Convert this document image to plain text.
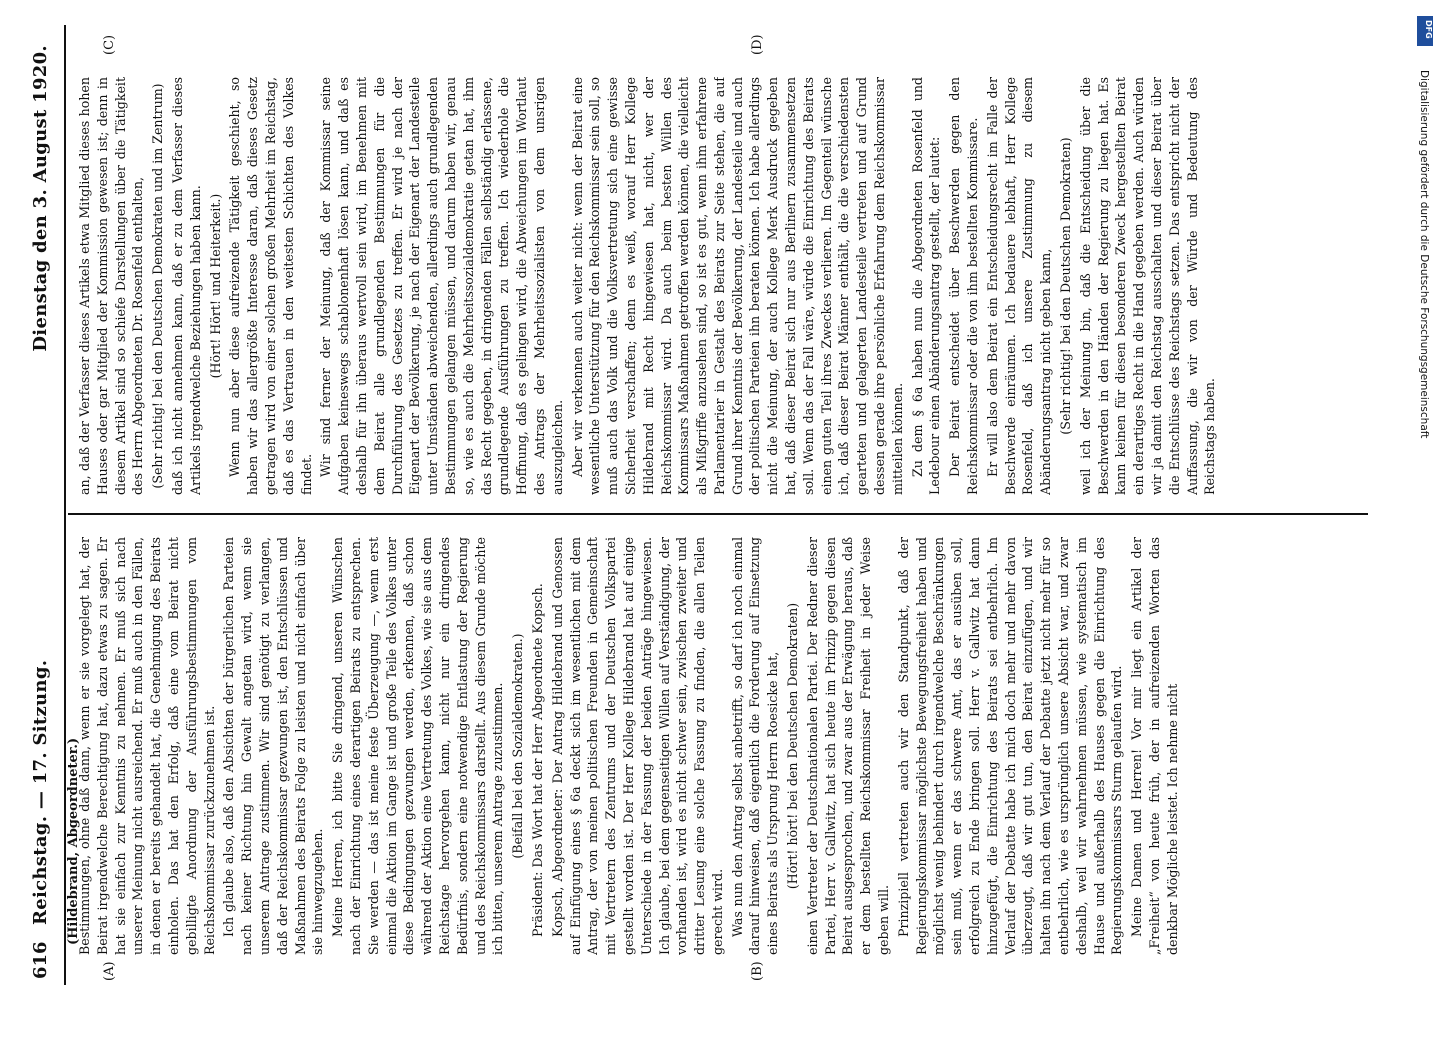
616
Reichstag. — 17. Sitzung.
Dienstag den 3. August 1920.
(Hildebrand, Abgeordneter.)
(A)	(B)
(C)	(D)

Bestimmungen, ohne daß dann, wenn er sie vorgelegt hat, der Beirat irgendwelche Berechtigung hat, dazu etwas zu sagen. Er hat sie einfach zur Kenntnis zu nehmen. Er muß sich nach unserer Meinung nicht ausreichend. Er muß auch in den Fällen, in denen er bereits gehandelt hat, die Genehmigung des Beirats einholen. Das hat den Erfolg, daß eine vom Beirat nicht gebilligte Anordnung der Ausführungsbestimmungen vom Reichskommissar zurückzunehmen ist. Ich glaube also, daß den Absichten der bürgerlichen Parteien nach keiner Richtung hin Gewalt angetan wird, wenn sie unserem Antrage zustimmen. Wir sind genötigt zu verlangen, daß der Reichskommissar gezwungen ist, den Entschlüssen und Maßnahmen des Beirats Folge zu leisten und nicht einfach über sie hinwegzugehen. Meine Herren, ich bitte Sie dringend, unseren Wünschen nach der Einrichtung eines derartigen Beirats zu entsprechen. Sie werden — das ist meine feste Überzeugung —, wenn erst einmal die Aktion im Gange ist und große Teile des Volkes unter diese Bedingungen gezwungen werden, erkennen, daß schon während der Aktion eine Vertretung des Volkes, wie sie aus dem Reichstage hervorgehen kann, nicht nur ein dringendes Bedürfnis, sondern eine notwendige Entlastung der Regierung und des Reichskommissars darstellt. Aus diesem Grunde möchte ich bitten, unserem Antrage zuzustimmen. (Beifall bei den Sozialdemokraten.) Präsident: Das Wort hat der Herr Abgeordnete Kopsch. Kopsch, Abgeordneter: Der Antrag Hildebrand und Genossen auf Einfügung eines § 6a deckt sich im wesentlichen mit dem Antrag, der von meinen politischen Freunden in Gemeinschaft mit Vertretern des Zentrums und der Deutschen Volkspartei gestellt worden ist. Der Herr Kollege Hildebrand hat auf einige Unterschiede in der Fassung der beiden Anträge hingewiesen. Ich glaube, bei dem gegenseitigen Willen auf Verständigung, der vorhanden ist, wird es nicht schwer sein, zwischen zweiter und dritter Lesung eine solche Fassung zu finden, die allen Teilen gerecht wird. Was nun den Antrag selbst anbetrifft, so darf ich noch einmal darauf hinweisen, daß eigentlich die Forderung auf Einsetzung eines Beirats als Ursprung Herrn Roesicke hat, (Hört! hört! bei den Deutschen Demokraten) einen Vertreter der Deutschnationalen Partei. Der Redner dieser Partei, Herr v. Gallwitz, hat sich heute im Prinzip gegen diesen Beirat ausgesprochen, und zwar aus der Erwägung heraus, daß er dem bestellten Reichskommissar Freiheit in jeder Weise geben will. Prinzipiell vertreten auch wir den Standpunkt, daß der Regierungskommissar möglichste Bewegungsfreiheit haben und möglichst wenig behindert durch irgendwelche Beschränkungen sein muß, wenn er das schwere Amt, das er ausüben soll, erfolgreich zu Ende bringen soll. Herr v. Gallwitz hat dann hinzugefügt, die Einrichtung des Beirats sei entbehrlich. Im Verlauf der Debatte habe ich mich doch mehr und mehr davon überzeugt, daß wir gut tun, den Beirat einzufügen, und wir halten ihn nach dem Verlauf der Debatte jetzt nicht mehr für so entbehrlich, wie es ursprünglich unsere Absicht war, und zwar deshalb, weil wir wahrnehmen müssen, wie systematisch im Hause und außerhalb des Hauses gegen die Einrichtung des Regierungskommissars Sturm gelaufen wird. Meine Damen und Herren! Vor mir liegt ein Artikel der „Freiheit“ von heute früh, der in aufreizenden Worten das denkbar Mögliche leistet. Ich nehme nicht

an, daß der Verfasser dieses Artikels etwa Mitglied dieses hohen Hauses oder gar Mitglied der Kommission gewesen ist; denn in diesem Artikel sind so schiefe Darstellungen über die Tätigkeit des Herrn Abgeordneten Dr. Rosenfeld enthalten, (Sehr richtig! bei den Deutschen Demokraten und im Zentrum) daß ich nicht annehmen kann, daß er zu dem Verfasser dieses Artikels irgendwelche Beziehungen haben kann. (Hört! Hört! und Heiterkeit.) Wenn nun aber diese aufreizende Tätigkeit geschieht, so haben wir das allergrößte Interesse daran, daß dieses Gesetz getragen wird von einer solchen großen Mehrheit im Reichstag, daß es das Vertrauen in den weitesten Schichten des Volkes findet. Wir sind ferner der Meinung, daß der Kommissar seine Aufgaben keineswegs schablonenhaft lösen kann, und daß es deshalb für ihn überaus wertvoll sein wird, im Benehmen mit dem Beirat alle grundlegenden Bestimmungen für die Durchführung des Gesetzes zu treffen. Er wird je nach der Eigenart der Bevölkerung, je nach der Eigenart der Landesteile unter Umständen abweichenden, allerdings auch grundlegenden Bestimmungen gelangen müssen, und darum haben wir, genau so, wie es auch die Mehrheitssozialdemokratie getan hat, ihm das Recht gegeben, in dringenden Fällen selbständig erlassene, grundlegende Ausführungen zu treffen. Ich wiederhole die Hoffnung, daß es gelingen wird, die Abweichungen im Wortlaut des Antrags der Mehrheitssozialisten von dem unsrigen auszugleichen. Aber wir verkennen auch weiter nicht: wenn der Beirat eine wesentliche Unterstützung für den Reichskommissar sein soll, so muß auch das Volk und die Volksvertretung sich eine gewisse Sicherheit verschaffen; denn es weiß, worauf Herr Kollege Hildebrand mit Recht hingewiesen hat, nicht, wer der Reichskommissar wird. Da auch beim besten Willen des Kommissars Maßnahmen getroffen werden können, die vielleicht als Mißgriffe anzusehen sind, so ist es gut, wenn ihm erfahrene Parlamentarier in Gestalt des Beirats zur Seite stehen, die auf Grund ihrer Kenntnis der Bevölkerung, der Landesteile und auch der politischen Parteien ihn beraten können. Ich habe allerdings nicht die Meinung, der auch Kollege Merk Ausdruck gegeben hat, daß dieser Beirat sich nur aus Berlinern zusammensetzen soll. Wenn das der Fall wäre, würde die Einrichtung des Beirats einen guten Teil ihres Zweckes verlieren. Im Gegenteil wünsche ich, daß dieser Beirat Männer enthält, die die verschiedensten gearteten und gelagerten Landesteile vertreten und auf Grund dessen gerade ihre persönliche Erfahrung dem Reichskommissar mitteilen können. Zu dem § 6a haben nun die Abgeordneten Rosenfeld und Ledebour einen Abänderungsantrag gestellt, der lautet: Der Beirat entscheidet über Beschwerden gegen den Reichskommissar oder die von ihm bestellten Kommissare. Er will also dem Beirat ein Entscheidungsrecht im Falle der Beschwerde einräumen. Ich bedauere lebhaft, Herr Kollege Rosenfeld, daß ich unsere Zustimmung zu diesem Abänderungsantrag nicht geben kann, (Sehr richtig! bei den Deutschen Demokraten) weil ich der Meinung bin, daß die Entscheidung über die Beschwerden in den Händen der Regierung zu liegen hat. Es kann keinen für diesen besonderen Zweck hergestellten Beirat ein derartiges Recht in die Hand gegeben werden. Auch würden wir ja damit den Reichstag ausschalten und dieser Beirat über die Entschlüsse des Reichstags setzen. Das entspricht nicht der Auffassung, die wir von der Würde und Bedeutung des Reichstags haben.

DFG
Digitalisierung gefördert durch die Deutsche Forschungsgemeinschaft
